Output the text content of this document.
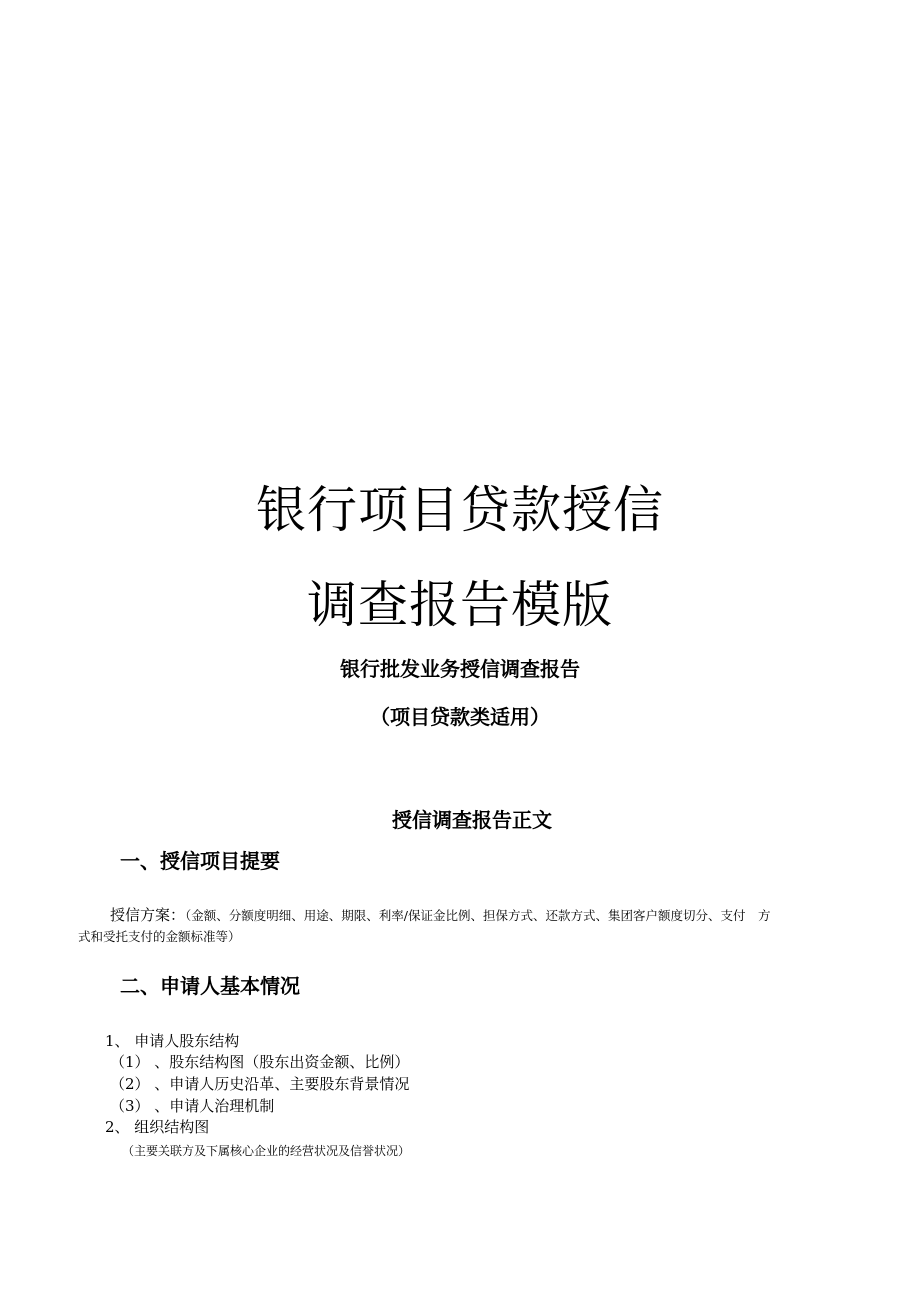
银行项目贷款授信
调查报告模版
银行批发业务授信调查报告
（项目贷款类适用）
授信调查报告正文
一、授信项目提要
授信方案：（金额、分额度明细、用途、期限、利率/保证金比例、担保方式、还款方式、集团客户额度切分、支付　方
式和受托支付的金额标准等）
二、申请人基本情况
1、 申请人股东结构
（1） 、股东结构图（股东出资金额、比例）
（2） 、申请人历史沿革、主要股东背景情况
（3） 、申请人治理机制
2、 组织结构图
（主要关联方及下属核心企业的经营状况及信誉状况）
